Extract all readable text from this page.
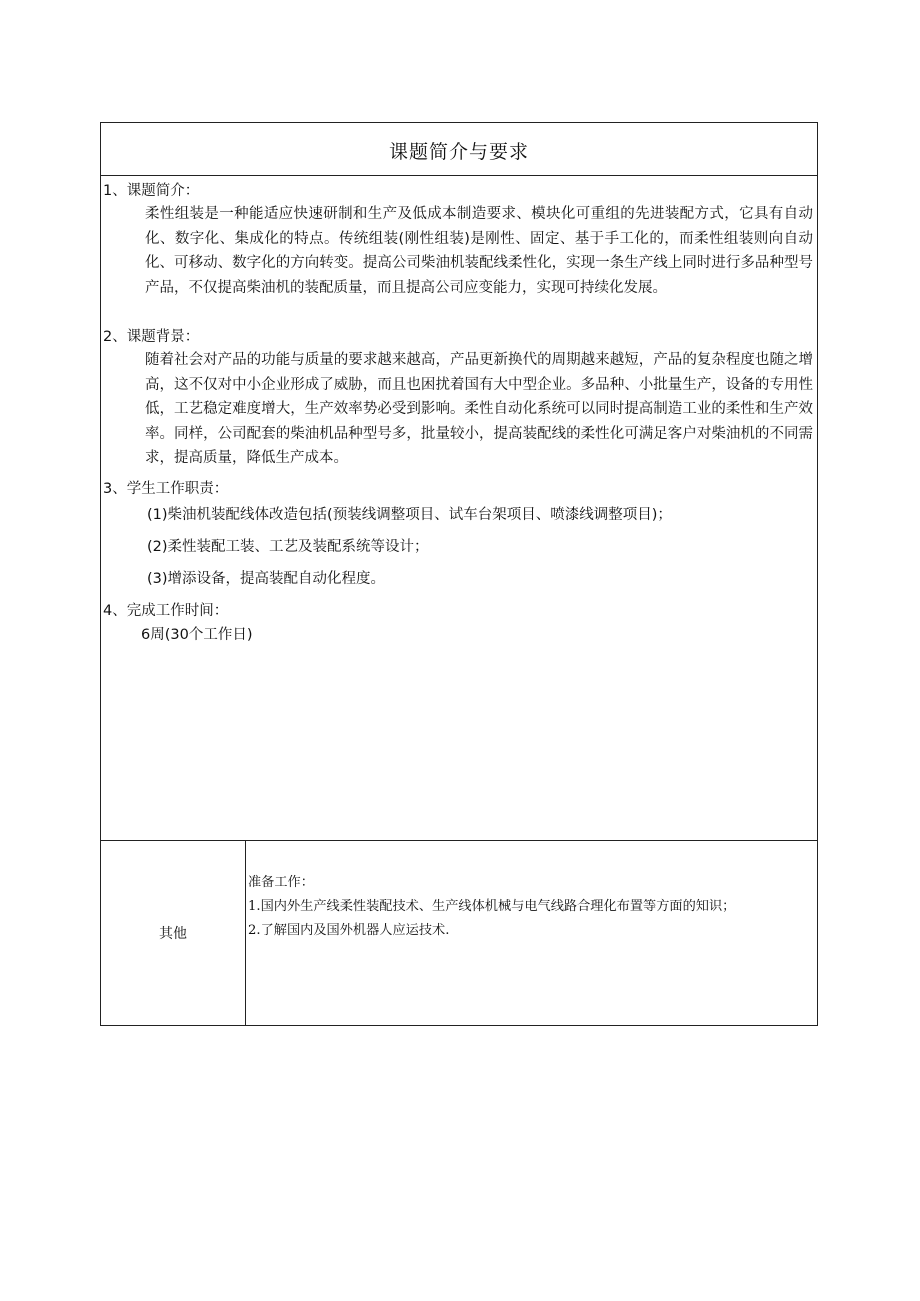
课题简介与要求
1、课题简介：
柔性组装是一种能适应快速研制和生产及低成本制造要求、模块化可重组的先进装配方式，它具有自动化、数字化、集成化的特点。传统组装(刚性组装)是刚性、固定、基于手工化的，而柔性组装则向自动化、可移动、数字化的方向转变。提高公司柴油机装配线柔性化，实现一条生产线上同时进行多品种型号产品，不仅提高柴油机的装配质量，而且提高公司应变能力，实现可持续化发展。
2、课题背景：
随着社会对产品的功能与质量的要求越来越高，产品更新换代的周期越来越短，产品的复杂程度也随之增高，这不仅对中小企业形成了威胁，而且也困扰着国有大中型企业。多品种、小批量生产，设备的专用性低，工艺稳定难度增大，生产效率势必受到影响。柔性自动化系统可以同时提高制造工业的柔性和生产效率。同样，公司配套的柴油机品种型号多，批量较小，提高装配线的柔性化可满足客户对柴油机的不同需求，提高质量，降低生产成本。
3、学生工作职责：
(1)柴油机装配线体改造包括(预装线调整项目、试车台架项目、喷漆线调整项目)；
(2)柔性装配工装、工艺及装配系统等设计；
(3)增添设备，提高装配自动化程度。
4、完成工作时间：
6周(30个工作日)
其他
准备工作：
1.国内外生产线柔性装配技术、生产线体机械与电气线路合理化布置等方面的知识；
2.了解国内及国外机器人应运技术.
